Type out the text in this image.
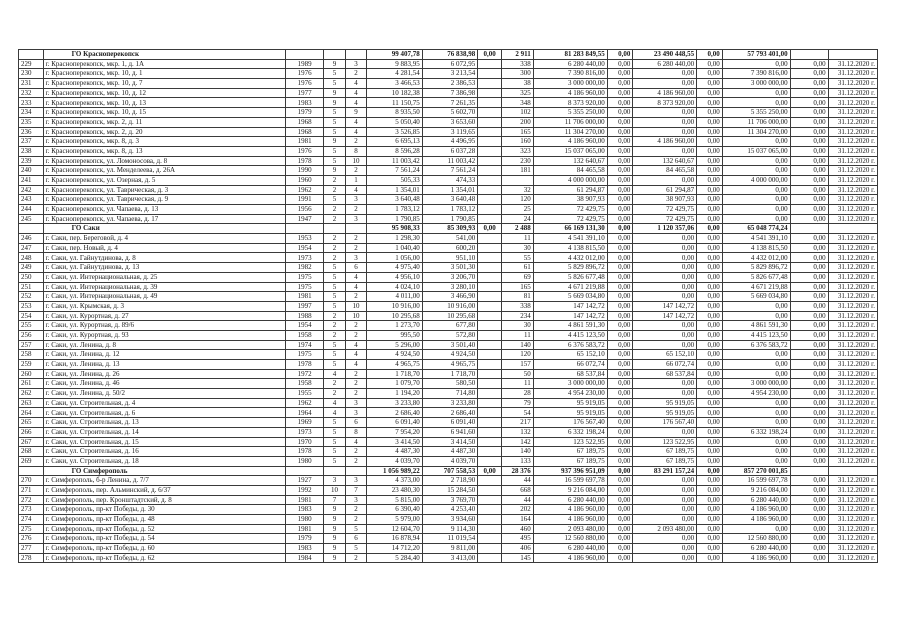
	ГО Красноперекопск				99 407,78	76 838,98	0,00	2 911	81 283 849,55	0,00	23 490 448,55	0,00	57 793 401,00		
229	г. Красноперекопск, мкр. 1, д. 1А	1989	9	3	9 883,95	6 072,95		338	6 280 440,00	0,00	6 280 440,00	0,00	0,00	0,00	31.12.2020 г.
230	г. Красноперекопск, мкр. 10, д. 1	1976	5	2	4 281,54	3 213,54		300	7 390 816,00	0,00	0,00	0,00	7 390 816,00	0,00	31.12.2020 г.
231	г. Красноперекопск, мкр. 10, д. 7	1976	5	4	3 466,53	2 386,53		38	3 000 000,00	0,00	0,00	0,00	3 000 000,00	0,00	31.12.2020 г.
232	г. Красноперекопск, мкр. 10, д. 12	1977	9	4	10 182,38	7 386,98		325	4 186 960,00	0,00	4 186 960,00	0,00	0,00	0,00	31.12.2020 г.
233	г. Красноперекопск, мкр. 10, д. 13	1983	9	4	11 150,75	7 261,35		348	8 373 920,00	0,00	8 373 920,00	0,00	0,00	0,00	31.12.2020 г.
234	г. Красноперекопск, мкр. 10, д. 15	1979	5	9	8 935,50	5 602,70		102	5 355 250,00	0,00	0,00	0,00	5 355 250,00	0,00	31.12.2020 г.
235	г. Красноперекопск, мкр. 2, д. 11	1968	5	4	5 050,40	3 653,60		200	11 706 000,00	0,00	0,00	0,00	11 706 000,00	0,00	31.12.2020 г.
236	г. Красноперекопск, мкр. 2, д. 20	1968	5	4	3 526,85	3 119,65		165	11 304 270,00	0,00	0,00	0,00	11 304 270,00	0,00	31.12.2020 г.
237	г. Красноперекопск, мкр. 8, д. 3	1981	9	2	6 695,13	4 496,95		160	4 186 960,00	0,00	4 186 960,00	0,00	0,00	0,00	31.12.2020 г.
238	г. Красноперекопск, мкр. 8, д. 13	1976	5	8	8 596,28	6 037,28		323	15 037 065,00	0,00	0,00	0,00	15 037 065,00	0,00	31.12.2020 г.
239	г. Красноперекопск, ул. Ломоносова, д. 8	1978	5	10	11 003,42	11 003,42		230	132 640,67	0,00	132 640,67	0,00	0,00	0,00	31.12.2020 г.
240	г. Красноперекопск, ул. Менделеева, д. 26А	1990	9	2	7 561,24	7 561,24		181	84 465,58	0,00	84 465,58	0,00	0,00	0,00	31.12.2020 г.
241	г. Красноперекопск, ул. Озерная, д. 5	1960	2	1	505,33	474,33			4 000 000,00	0,00	0,00	0,00	4 000 000,00	0,00	31.12.2020 г.
242	г. Красноперекопск, ул. Таврическая, д. 3	1962	2	4	1 354,01	1 354,01		32	61 294,87	0,00	61 294,87	0,00	0,00	0,00	31.12.2020 г.
243	г. Красноперекопск, ул. Таврическая, д. 9	1991	5	3	3 640,48	3 640,48		120	38 907,93	0,00	38 907,93	0,00	0,00	0,00	31.12.2020 г.
244	г. Красноперекопск, ул. Чапаева, д. 13	1956	2	2	1 783,12	1 783,12		25	72 429,75	0,00	72 429,75	0,00	0,00	0,00	31.12.2020 г.
245	г. Красноперекопск, ул. Чапаева, д. 17	1947	2	3	1 790,85	1 790,85		24	72 429,75	0,00	72 429,75	0,00	0,00	0,00	31.12.2020 г.
	ГО Саки				95 908,33	85 309,93	0,00	2 488	66 169 131,30	0,00	1 120 357,06	0,00	65 048 774,24		
246	г. Саки, пер. Береговой, д. 4	1953	2	2	1 298,30	541,00		11	4 541 391,10	0,00	0,00	0,00	4 541 391,10	0,00	31.12.2020 г.
247	г. Саки, пер. Новый, д. 4	1954	2	2	1 040,40	600,20		30	4 138 815,50	0,00	0,00	0,00	4 138 815,50	0,00	31.12.2020 г.
248	г. Саки, ул. Гайнутдинова, д. 8	1973	2	3	1 056,00	951,10		55	4 432 012,00	0,00	0,00	0,00	4 432 012,00	0,00	31.12.2020 г.
249	г. Саки, ул. Гайнутдинова, д. 13	1982	5	6	4 975,40	3 501,30		61	5 829 896,72	0,00	0,00	0,00	5 829 896,72	0,00	31.12.2020 г.
250	г. Саки, ул. Интернациональная, д. 25	1975	5	4	4 956,10	3 206,70		69	5 826 677,48	0,00	0,00	0,00	5 826 677,48	0,00	31.12.2020 г.
251	г. Саки, ул. Интернациональная, д. 39	1975	5	4	4 024,10	3 280,10		165	4 671 219,88	0,00	0,00	0,00	4 671 219,88	0,00	31.12.2020 г.
252	г. Саки, ул. Интернациональная, д. 49	1981	5	2	4 011,00	3 466,90		81	5 669 034,80	0,00	0,00	0,00	5 669 034,80	0,00	31.12.2020 г.
253	г. Саки, ул. Крымская, д. 3	1997	5	10	10 916,00	10 916,00		338	147 142,72	0,00	147 142,72	0,00	0,00	0,00	31.12.2020 г.
254	г. Саки, ул. Курортная, д. 27	1988	2	10	10 295,68	10 295,68		234	147 142,72	0,00	147 142,72	0,00	0,00	0,00	31.12.2020 г.
255	г. Саки, ул. Курортная, д. 89/6	1954	2	2	1 273,70	677,80		30	4 861 591,30	0,00	0,00	0,00	4 861 591,30	0,00	31.12.2020 г.
256	г. Саки, ул. Курортная, д. 93	1958	2	2	995,50	572,80		11	4 415 123,50	0,00	0,00	0,00	4 415 123,50	0,00	31.12.2020 г.
257	г. Саки, ул. Ленина, д. 8	1974	5	4	5 296,00	3 501,40		140	6 376 583,72	0,00	0,00	0,00	6 376 583,72	0,00	31.12.2020 г.
258	г. Саки, ул. Ленина, д. 12	1975	5	4	4 924,50	4 924,50		120	65 152,10	0,00	65 152,10	0,00	0,00	0,00	31.12.2020 г.
259	г. Саки, ул. Ленина, д. 13	1978	5	4	4 965,75	4 965,75		157	66 072,74	0,00	66 072,74	0,00	0,00	0,00	31.12.2020 г.
260	г. Саки, ул. Ленина, д. 26	1972	4	2	1 718,70	1 718,70		50	68 537,84	0,00	68 537,84	0,00	0,00	0,00	31.12.2020 г.
261	г. Саки, ул. Ленина, д. 46	1958	2	2	1 079,70	580,50		11	3 000 000,00	0,00	0,00	0,00	3 000 000,00	0,00	31.12.2020 г.
262	г. Саки, ул. Ленина, д. 50/2	1955	2	2	1 194,20	714,80		28	4 954 230,00	0,00	0,00	0,00	4 954 230,00	0,00	31.12.2020 г.
263	г. Саки, ул. Строительная, д. 4	1962	4	3	3 233,80	3 233,80		79	95 919,05	0,00	95 919,05	0,00	0,00	0,00	31.12.2020 г.
264	г. Саки, ул. Строительная, д. 6	1964	4	3	2 686,40	2 686,40		54	95 919,05	0,00	95 919,05	0,00	0,00	0,00	31.12.2020 г.
265	г. Саки, ул. Строительная, д. 13	1969	5	6	6 091,40	6 091,40		217	176 567,40	0,00	176 567,40	0,00	0,00	0,00	31.12.2020 г.
266	г. Саки, ул. Строительная, д. 14	1973	5	8	7 954,20	6 941,60		132	6 332 198,24	0,00	0,00	0,00	6 332 198,24	0,00	31.12.2020 г.
267	г. Саки, ул. Строительная, д. 15	1970	5	4	3 414,50	3 414,50		142	123 522,95	0,00	123 522,95	0,00	0,00	0,00	31.12.2020 г.
268	г. Саки, ул. Строительная, д. 16	1978	5	2	4 487,30	4 487,30		140	67 189,75	0,00	67 189,75	0,00	0,00	0,00	31.12.2020 г.
269	г. Саки, ул. Строительная, д. 18	1980	5	2	4 039,70	4 039,70		133	67 189,75	0,00	67 189,75	0,00	0,00	0,00	31.12.2020 г.
	ГО Симферополь				1 056 989,22	707 558,53	0,00	28 376	937 396 951,09	0,00	83 291 157,24	0,00	857 270 001,85		
270	г. Симферополь, б-р Ленина, д. 7/7	1927	3	3	4 373,00	2 718,90		44	16 599 697,78	0,00	0,00	0,00	16 599 697,78	0,00	31.12.2020 г.
271	г. Симферополь, пер. Альминский, д. 6/37	1992	10	7	23 480,30	15 284,50		668	9 216 084,00	0,00	0,00	0,00	9 216 084,00	0,00	31.12.2020 г.
272	г. Симферополь, пер. Кронштадтский, д. 8	1981	7	3	5 815,00	3 769,70		44	6 280 440,00	0,00	0,00	0,00	6 280 440,00	0,00	31.12.2020 г.
273	г. Симферополь, пр-кт Победы, д. 30	1983	9	2	6 390,40	4 253,40		202	4 186 960,00	0,00	0,00	0,00	4 186 960,00	0,00	31.12.2020 г.
274	г. Симферополь, пр-кт Победы, д. 48	1980	9	2	5 979,00	3 934,60		164	4 186 960,00	0,00	0,00	0,00	4 186 960,00	0,00	31.12.2020 г.
275	г. Симферополь, пр-кт Победы, д. 52	1981	9	5	12 604,70	9 114,30		460	2 093 480,00	0,00	2 093 480,00	0,00	0,00	0,00	31.12.2020 г.
276	г. Симферополь, пр-кт Победы, д. 54	1979	9	6	16 878,94	11 019,54		495	12 560 880,00	0,00	0,00	0,00	12 560 880,00	0,00	31.12.2020 г.
277	г. Симферополь, пр-кт Победы, д. 60	1983	9	5	14 712,20	9 811,00		406	6 280 440,00	0,00	0,00	0,00	6 280 440,00	0,00	31.12.2020 г.
278	г. Симферополь, пр-кт Победы, д. 62	1984	9	2	5 284,40	3 413,00		145	4 186 960,00	0,00	0,00	0,00	4 186 960,00	0,00	31.12.2020 г.
